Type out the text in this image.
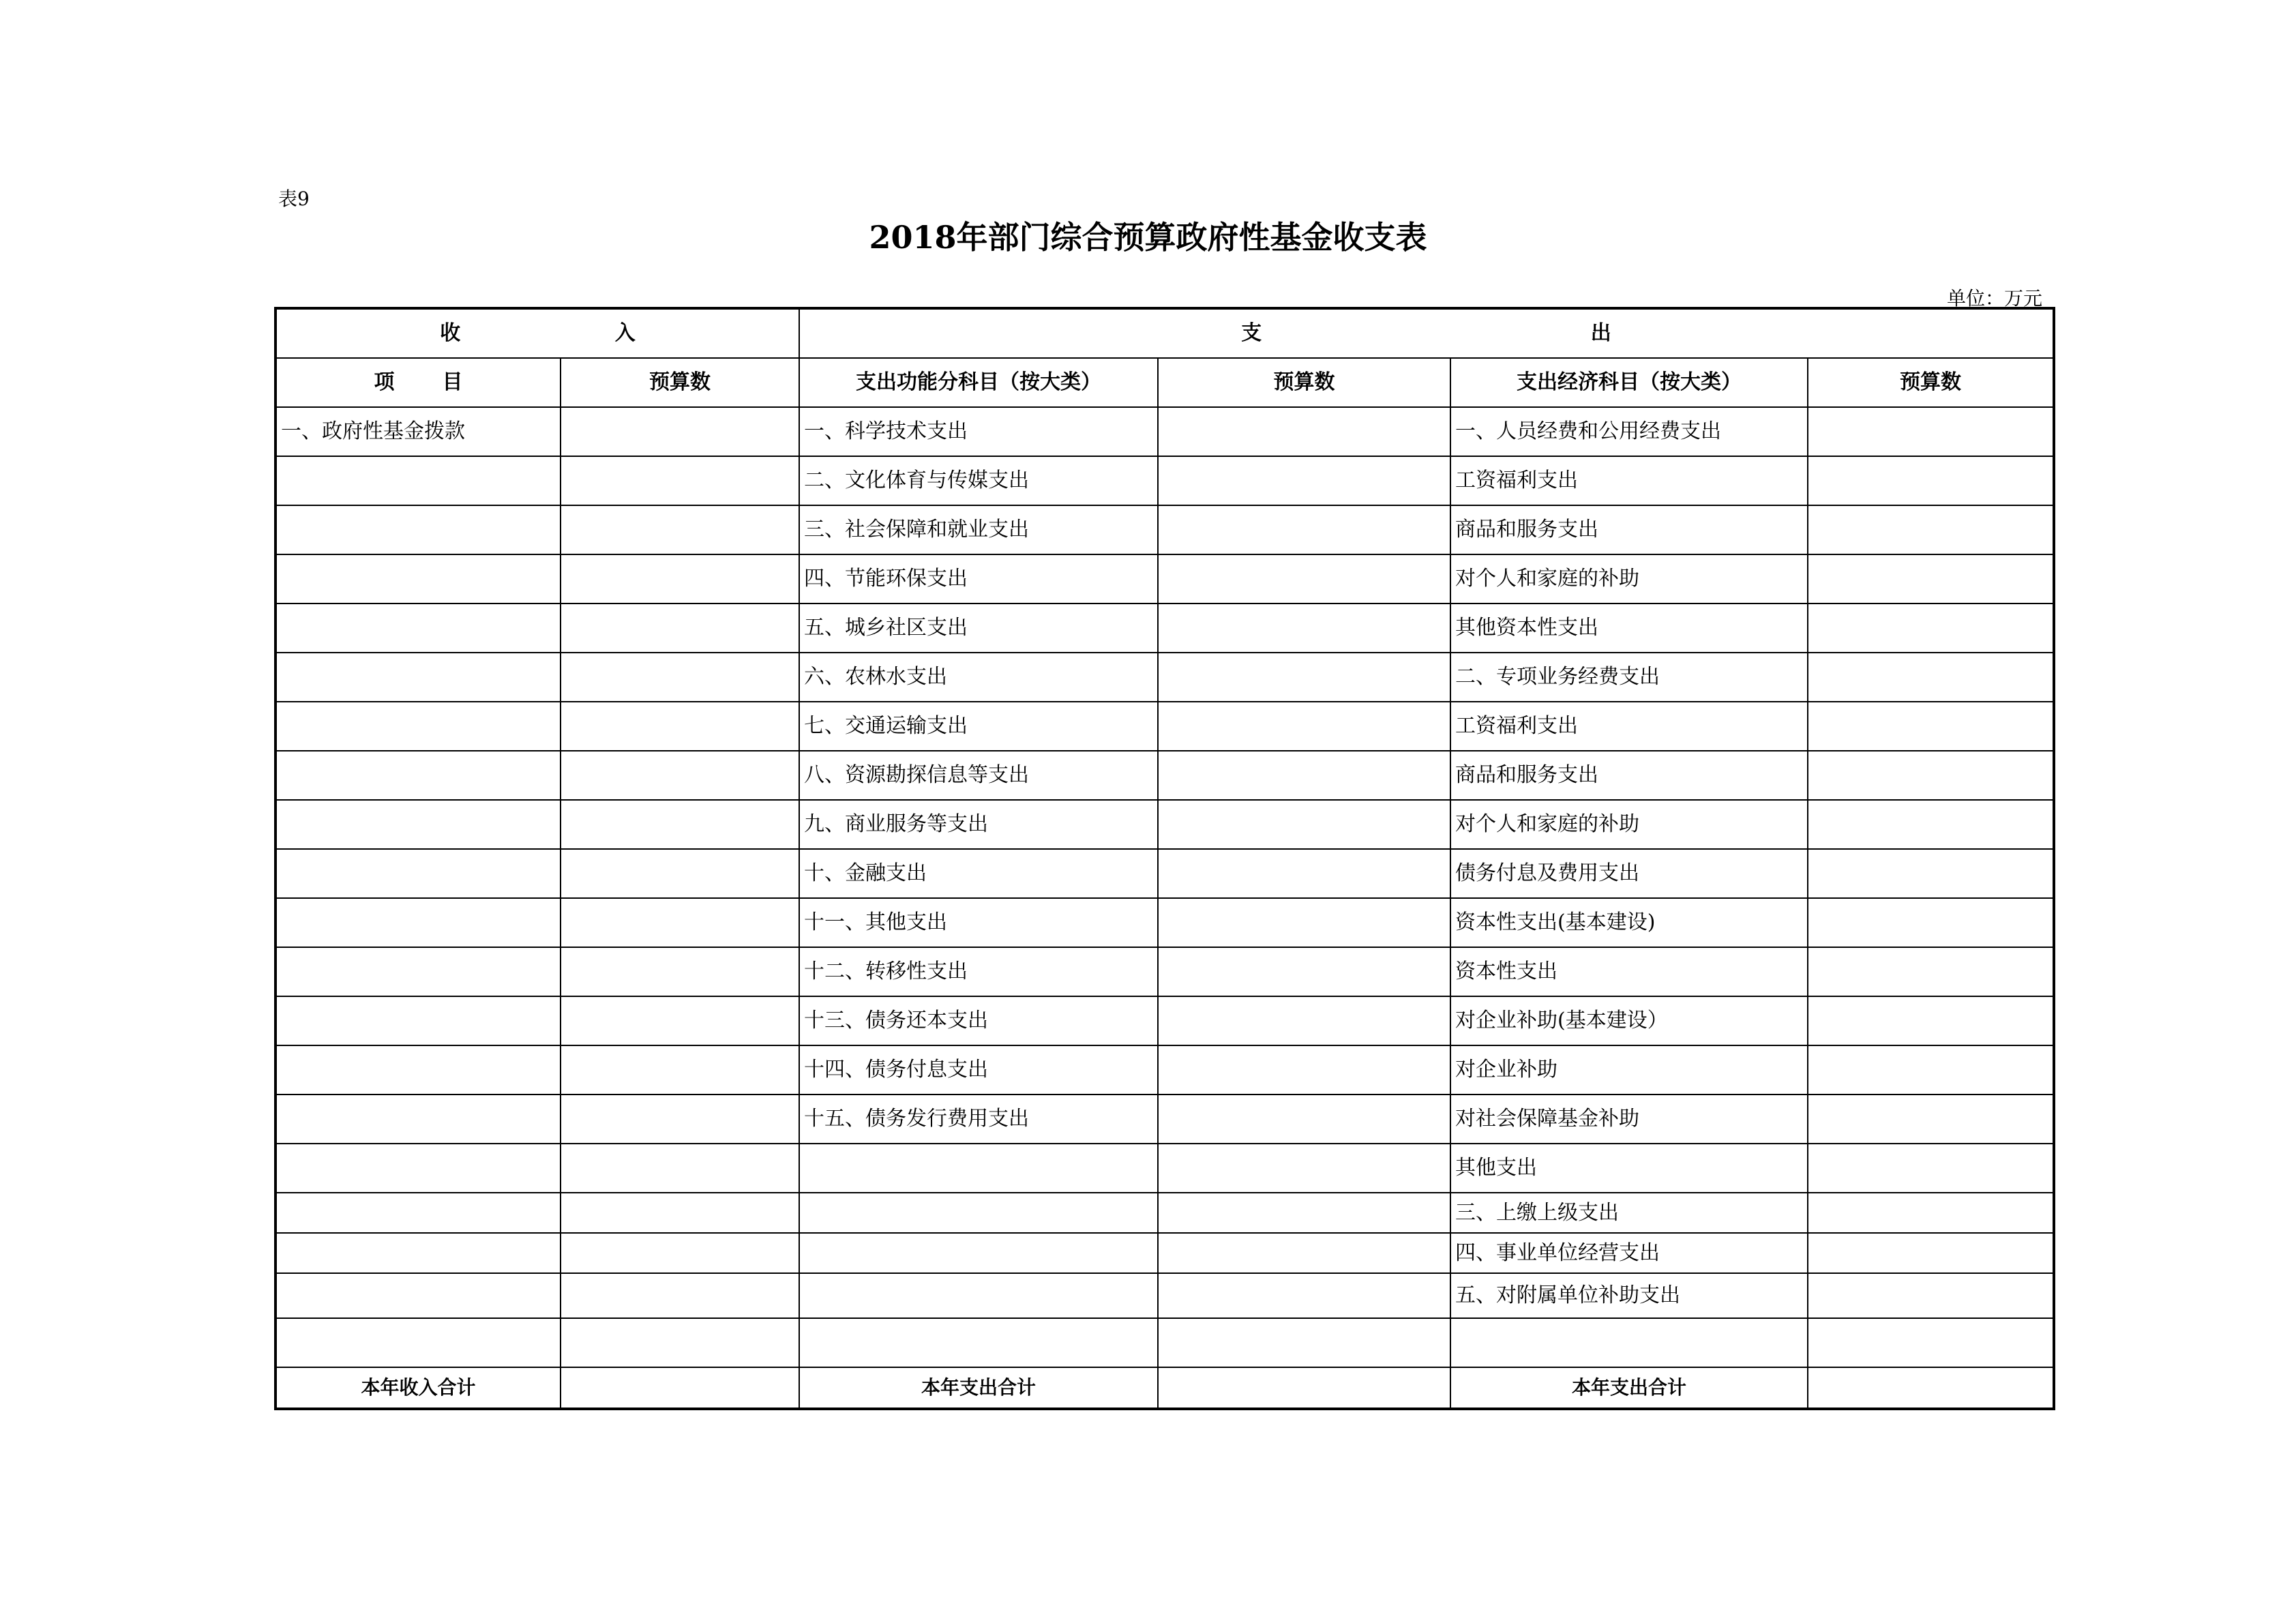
表9
2018年部门综合预算政府性基金收支表
单位：万元
收 入		支 出			

项 目	预算数	支出功能分科目（按大类）	预算数	支出经济科目（按大类）	预算数
一、政府性基金拨款		一、科学技术支出		一、人员经费和公用经费支出	
		二、文化体育与传媒支出		工资福利支出	
		三、社会保障和就业支出		商品和服务支出	
		四、节能环保支出		对个人和家庭的补助	
		五、城乡社区支出		其他资本性支出	
		六、农林水支出		二、专项业务经费支出	
		七、交通运输支出		工资福利支出	
		八、资源勘探信息等支出		商品和服务支出	
		九、商业服务等支出		对个人和家庭的补助	
		十、金融支出		债务付息及费用支出	
		十一、其他支出		资本性支出(基本建设)	
		十二、转移性支出		资本性支出	
		十三、债务还本支出		对企业补助(基本建设）	
		十四、债务付息支出		对企业补助	
		十五、债务发行费用支出		对社会保障基金补助	
				其他支出	
				三、上缴上级支出	
				四、事业单位经营支出	
				五、对附属单位补助支出	

本年收入合计		本年支出合计		本年支出合计	
